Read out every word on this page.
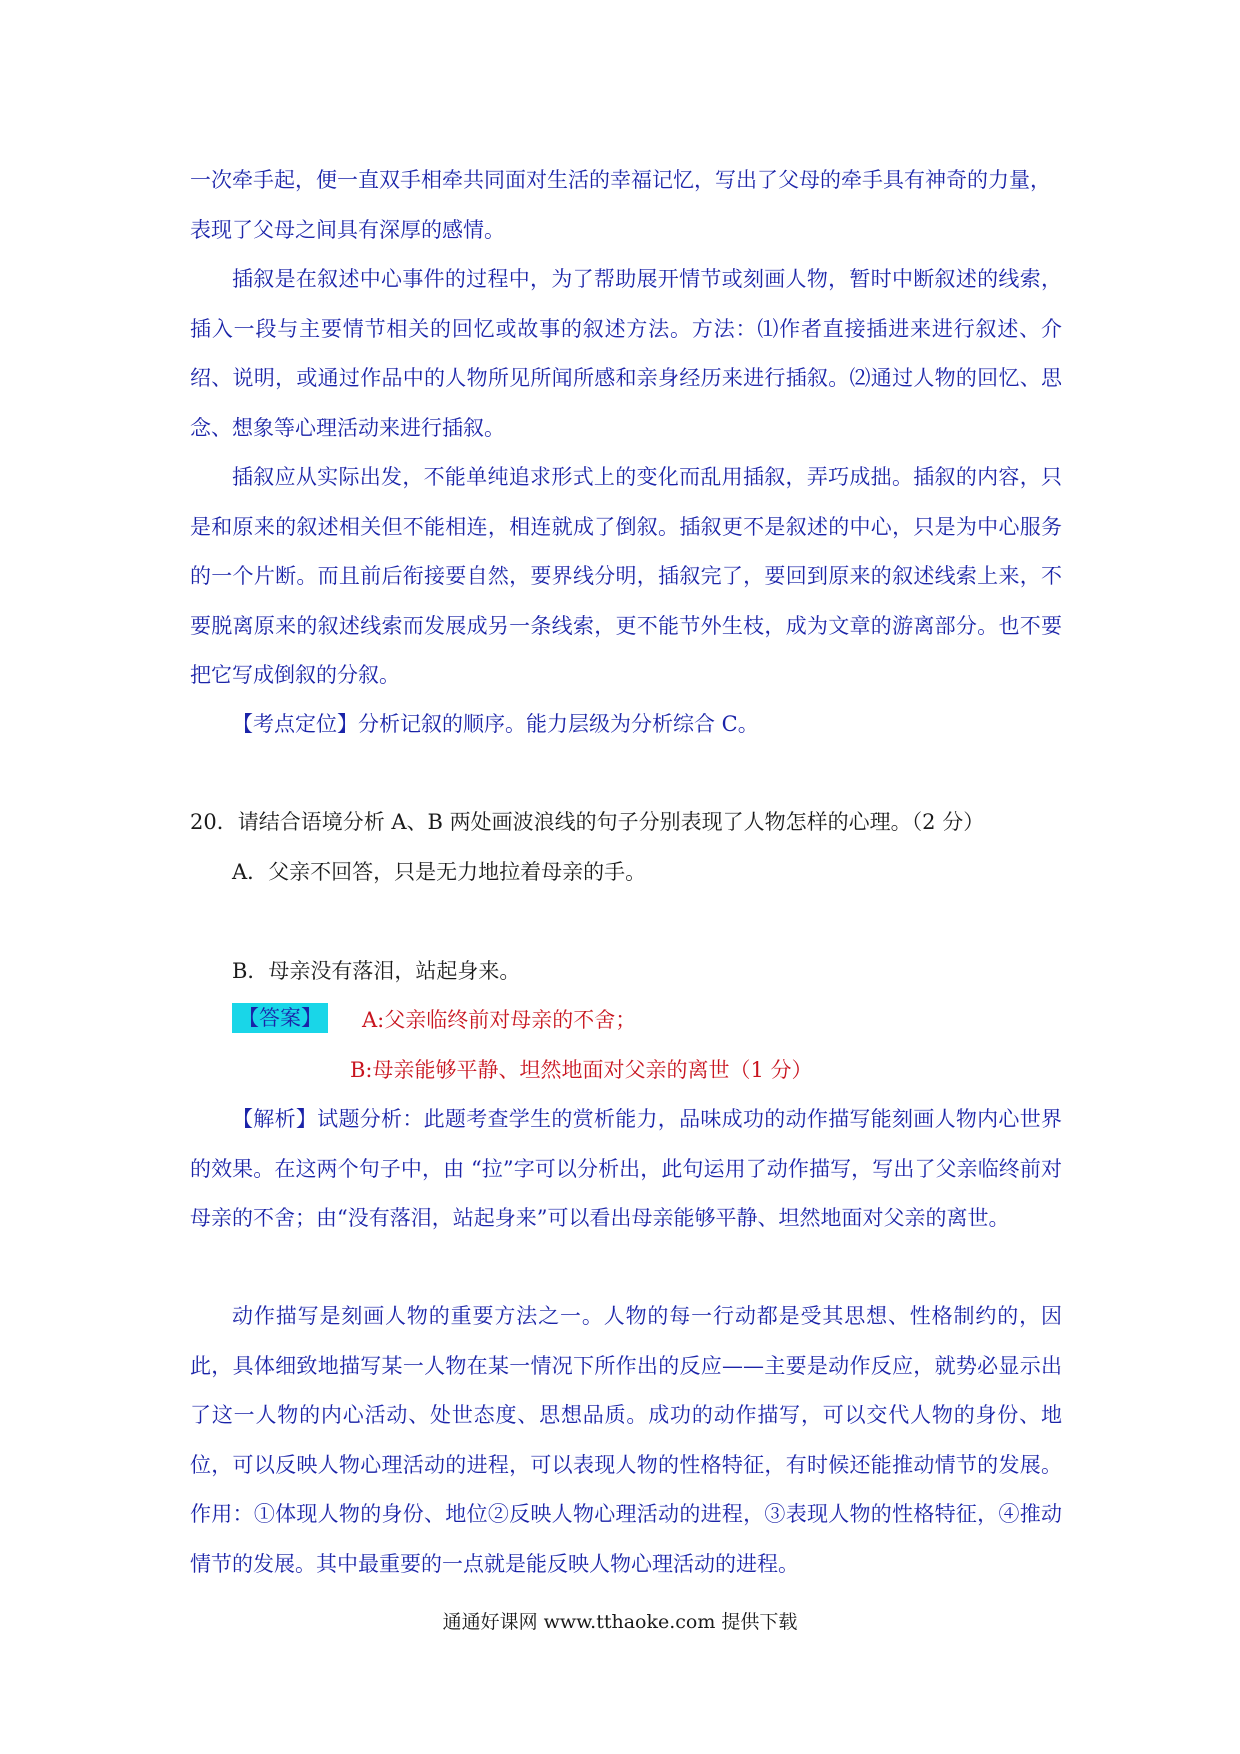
一次牵手起，便一直双手相牵共同面对生活的幸福记忆，写出了父母的牵手具有神奇的力量，

表现了父母之间具有深厚的感情。

插叙是在叙述中心事件的过程中，为了帮助展开情节或刻画人物，暂时中断叙述的线索，插入一段与主要情节相关的回忆或故事的叙述方法。方法：⑴作者直接插进来进行叙述、介绍、说明，或通过作品中的人物所见所闻所感和亲身经历来进行插叙。⑵通过人物的回忆、思念、想象等心理活动来进行插叙。

插叙应从实际出发，不能单纯追求形式上的变化而乱用插叙，弄巧成拙。插叙的内容，只是和原来的叙述相关但不能相连，相连就成了倒叙。插叙更不是叙述的中心，只是为中心服务的一个片断。而且前后衔接要自然，要界线分明，插叙完了，要回到原来的叙述线索上来，不要脱离原来的叙述线索而发展成另一条线索，更不能节外生枝，成为文章的游离部分。也不要把它写成倒叙的分叙。

【考点定位】分析记叙的顺序。能力层级为分析综合 C。

20．请结合语境分析 A、B 两处画波浪线的句子分别表现了人物怎样的心理。（2 分）

A．父亲不回答，只是无力地拉着母亲的手。

B．母亲没有落泪，站起身来。

【答案】 A:父亲临终前对母亲的不舍；

B:母亲能够平静、坦然地面对父亲的离世（1 分）

【解析】试题分析：此题考查学生的赏析能力，品味成功的动作描写能刻画人物内心世界的效果。在这两个句子中，由 “拉”字可以分析出，此句运用了动作描写，写出了父亲临终前对母亲的不舍；由“没有落泪，站起身来”可以看出母亲能够平静、坦然地面对父亲的离世。

动作描写是刻画人物的重要方法之一。人物的每一行动都是受其思想、性格制约的，因此，具体细致地描写某一人物在某一情况下所作出的反应——主要是动作反应，就势必显示出了这一人物的内心活动、处世态度、思想品质。成功的动作描写，可以交代人物的身份、地位，可以反映人物心理活动的进程，可以表现人物的性格特征，有时候还能推动情节的发展。作用：①体现人物的身份、地位②反映人物心理活动的进程，③表现人物的性格特征，④推动情节的发展。其中最重要的一点就是能反映人物心理活动的进程。

通通好课网 www.tthaoke.com 提供下载
